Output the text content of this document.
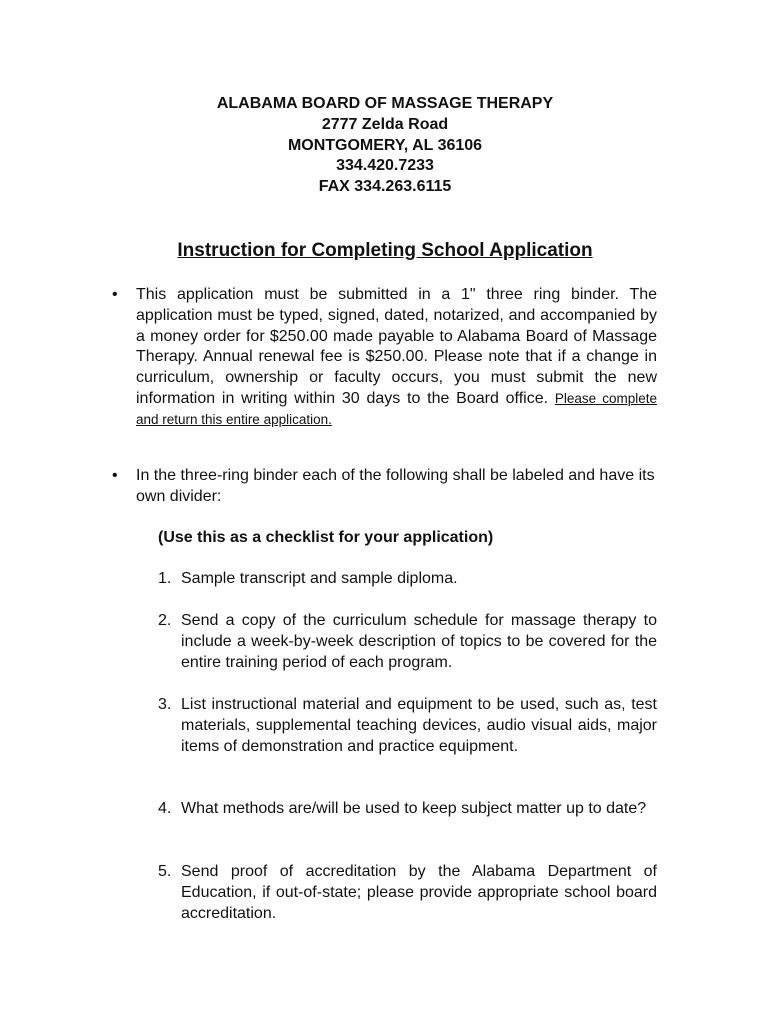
ALABAMA BOARD OF MASSAGE THERAPY
2777 Zelda Road
MONTGOMERY, AL 36106
334.420.7233
FAX 334.263.6115
Instruction for Completing School Application
• This application must be submitted in a 1" three ring binder. The application must be typed, signed, dated, notarized, and accompanied by a money order for $250.00 made payable to Alabama Board of Massage Therapy. Annual renewal fee is $250.00. Please note that if a change in curriculum, ownership or faculty occurs, you must submit the new information in writing within 30 days to the Board office. Please complete and return this entire application.
• In the three-ring binder each of the following shall be labeled and have its own divider:
(Use this as a checklist for your application)
1. Sample transcript and sample diploma.
2. Send a copy of the curriculum schedule for massage therapy to include a week-by-week description of topics to be covered for the entire training period of each program.
3. List instructional material and equipment to be used, such as, test materials, supplemental teaching devices, audio visual aids, major items of demonstration and practice equipment.
4. What methods are/will be used to keep subject matter up to date?
5. Send proof of accreditation by the Alabama Department of Education, if out-of-state; please provide appropriate school board accreditation.
